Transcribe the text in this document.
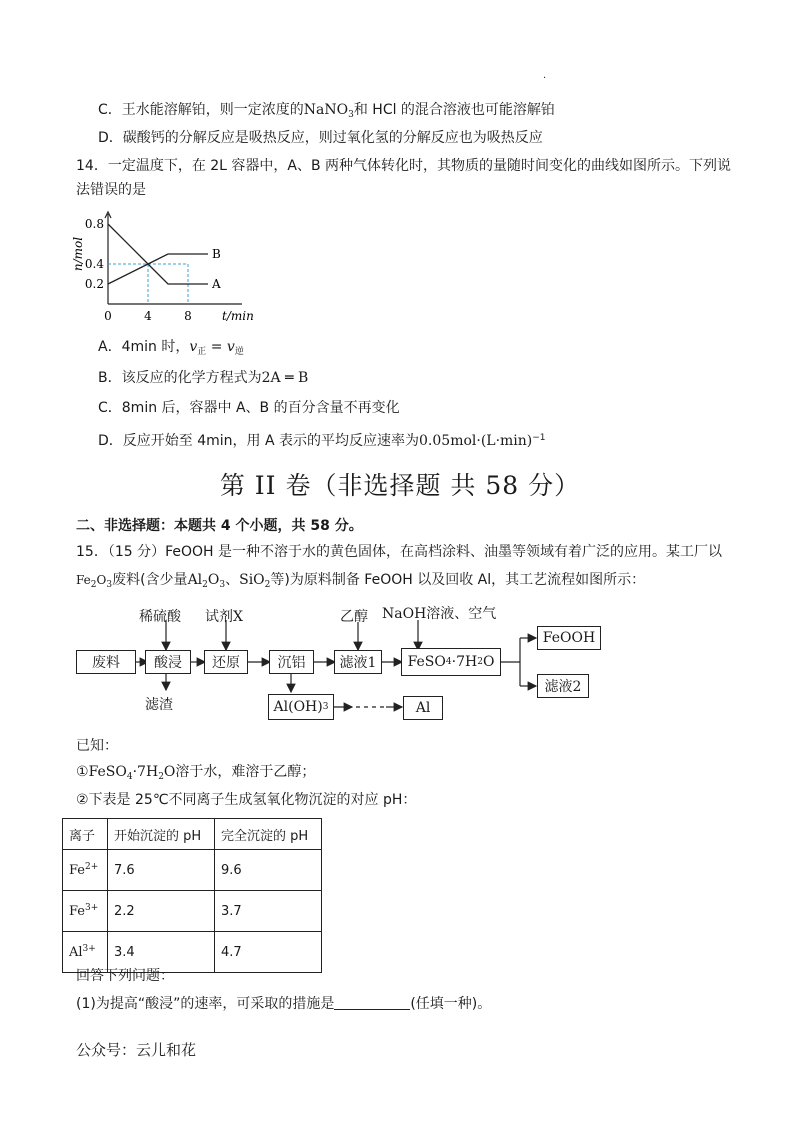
.
C．王水能溶解铂，则一定浓度的NaNO$_3$和 HCl 的混合溶液也可能溶解铂
D．碳酸钙的分解反应是吸热反应，则过氧化氢的分解反应也为吸热反应
14．一定温度下，在 2L 容器中，A、B 两种气体转化时，其物质的量随时间变化的曲线如图所示。下列说
法错误的是
0.8
0.4
0.2
0	4	8	t/min
n/mol
A
B
A．4min 时，$v_正 = v_逆$
B．该反应的化学方程式为2A ═ B
C．8min 后，容器中 A、B 的百分含量不再变化
D．反应开始至 4min，用 A 表示的平均反应速率为$0.05mol\cdot(L\cdot\min)^{-1}$
第 II 卷（非选择题 共 58 分）
二、非选择题：本题共 4 个小题，共 58 分。
15．（15 分）FeOOH 是一种不溶于水的黄色固体，在高档涂料、油墨等领域有着广泛的应用。某工厂以
$Fe_2O_3$废料(含少量$Al_2O_3$、SiO$_2$等)为原料制备 FeOOH 以及回收 Al，其工艺流程如图所示：
稀硫酸 试剂X	乙醇 NaOH溶液、空气
废料	酸浸	还原	沉铝	滤液1	FeSO 4 ·7H 2 O
FeOOH
滤液2
滤渣	Al(OH) 3	Al
已知：
$①FeSO_4\cdot 7H_2O$溶于水，难溶于乙醇；
②下表是 25℃不同离子生成氢氧化物沉淀的对应 pH：
离子	开始沉淀的 pH	完全沉淀的 pH
$Fe^{2+}$	7.6	9.6
$Fe^{3+}$	2.2	3.7
$Al^{3+}$	3.4	4.7
回答下列问题：
(1)为提高“酸浸”的速率，可采取的措施是	(任填一种)。
公众号：云儿和花
